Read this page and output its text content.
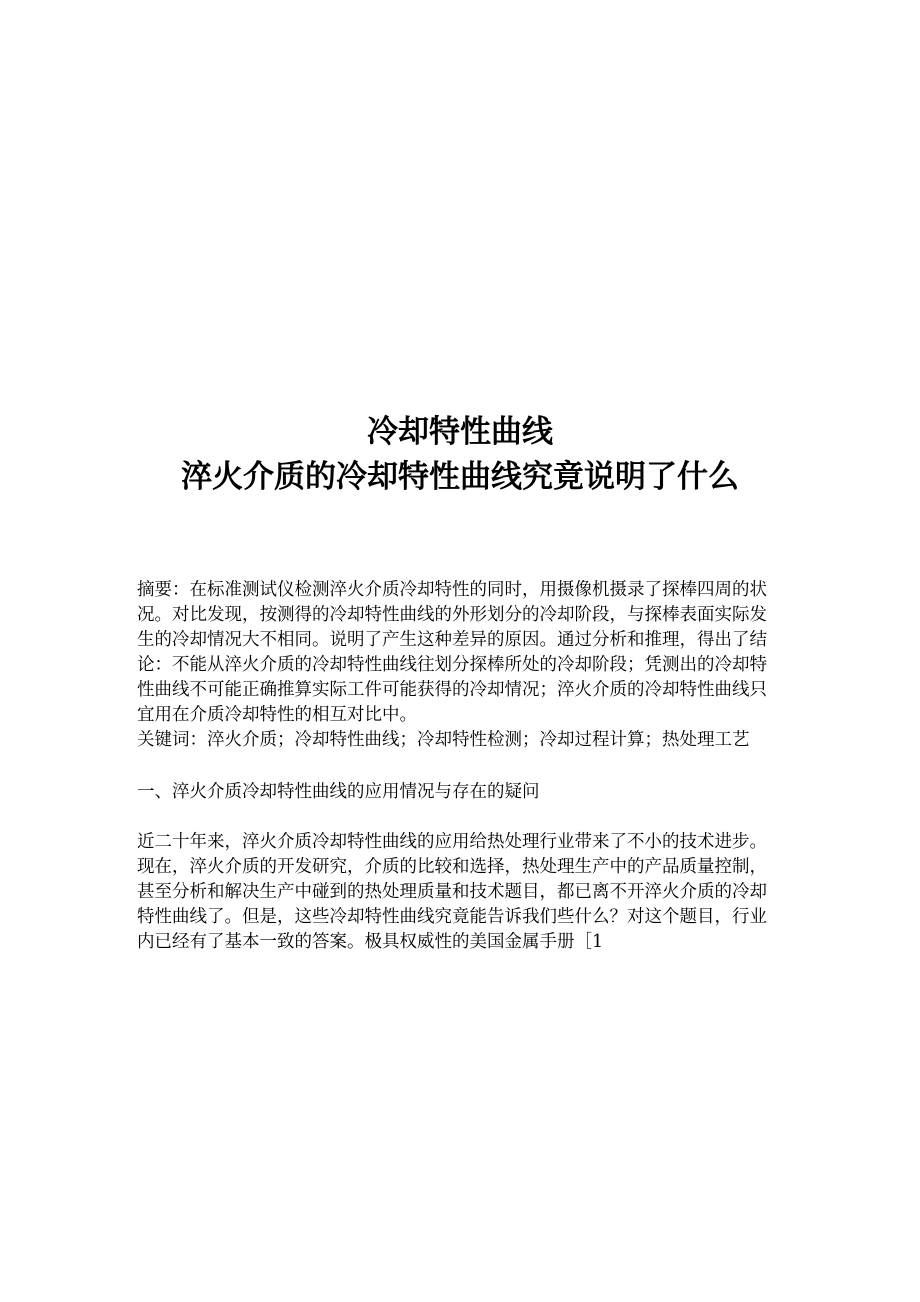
冷却特性曲线

淬火介质的冷却特性曲线究竟说明了什么

摘要：在标准测试仪检测淬火介质冷却特性的同时，用摄像机摄录了探棒四周的状况。对比发现，按测得的冷却特性曲线的外形划分的冷却阶段，与探棒表面实际发生的冷却情况大不相同。说明了产生这种差异的原因。通过分析和推理，得出了结论：不能从淬火介质的冷却特性曲线往划分探棒所处的冷却阶段；凭测出的冷却特性曲线不可能正确推算实际工件可能获得的冷却情况；淬火介质的冷却特性曲线只宜用在介质冷却特性的相互对比中。

关键词：淬火介质；冷却特性曲线；冷却特性检测；冷却过程计算；热处理工艺

一、淬火介质冷却特性曲线的应用情况与存在的疑问

近二十年来，淬火介质冷却特性曲线的应用给热处理行业带来了不小的技术进步。现在，淬火介质的开发研究，介质的比较和选择，热处理生产中的产品质量控制，甚至分析和解决生产中碰到的热处理质量和技术题目，都已离不开淬火介质的冷却特性曲线了。但是，这些冷却特性曲线究竟能告诉我们些什么？对这个题目，行业内已经有了基本一致的答案。极具权威性的美国金属手册［1
